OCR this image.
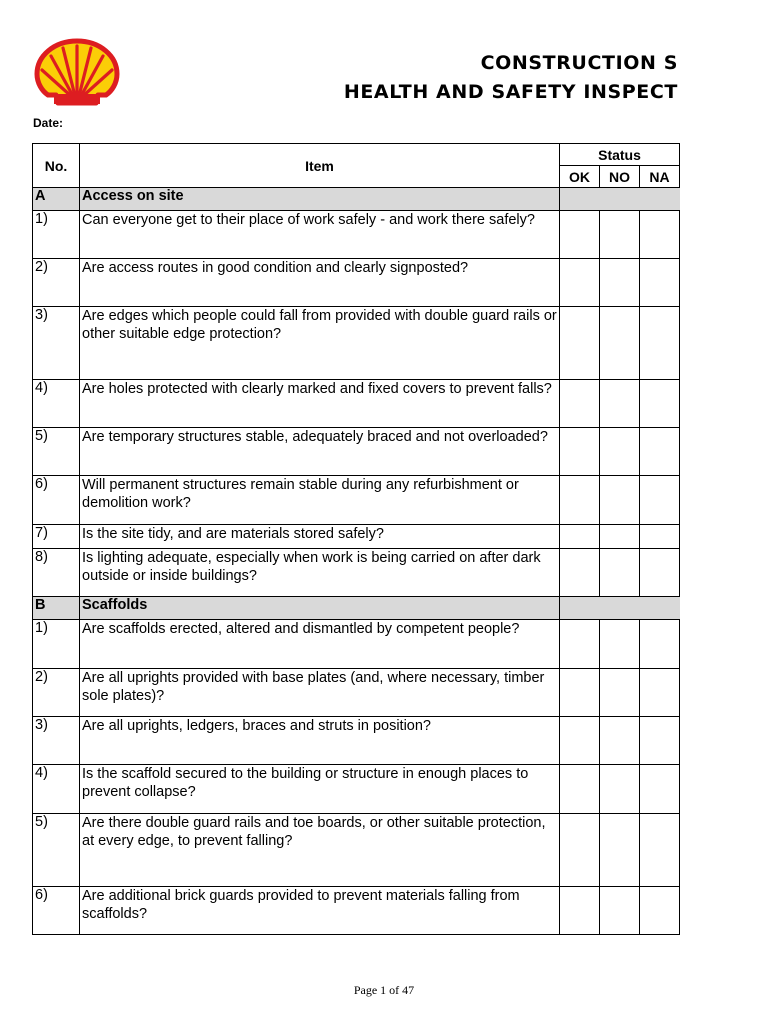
CONSTRUCTION S
HEALTH AND SAFETY INSPECT
Date:
No.	Item	Status		
		OK	NO	NA
A	Access on site			
1)	Can everyone get to their place of work safely - and work there safely?			
2)	Are access routes in good condition and clearly signposted?			
3)	Are edges which people could fall from provided with double guard rails or other suitable edge protection?			
4)	Are holes protected with clearly marked and fixed covers to prevent falls?			
5)	Are temporary structures stable, adequately braced and not overloaded?			
6)	Will permanent structures remain stable during any refurbishment or demolition work?			
7)	Is the site tidy, and are materials stored safely?			
8)	Is lighting adequate, especially when work is being carried on after dark outside or inside buildings?			
B	Scaffolds			
1)	Are scaffolds erected, altered and dismantled by competent people?			
2)	Are all uprights provided with base plates (and, where necessary, timber sole plates)?			
3)	Are all uprights, ledgers, braces and struts in position?			
4)	Is the scaffold secured to the building or structure in enough places to prevent collapse?			
5)	Are there double guard rails and toe boards, or other suitable protection, at every edge, to prevent falling?			
6)	Are additional brick guards provided to prevent materials falling from scaffolds?			
Page 1 of 47
